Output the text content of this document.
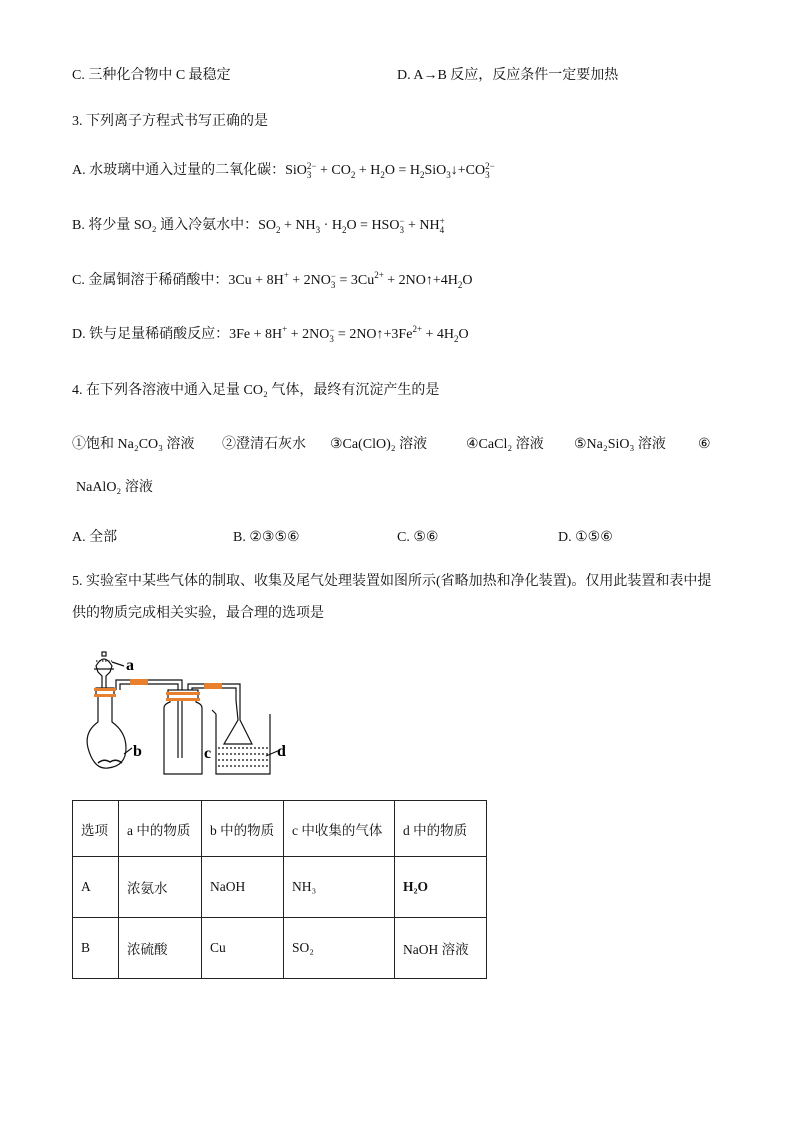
C. 三种化合物中 C 最稳定	D. A→B 反应，反应条件一定要加热
3. 下列离子方程式书写正确的是
A. 水玻璃中通入过量的二氧化碳：SiO 2−
$3 + CO_2 + H_2O$ = $H_2SiO_3↓+CO$ 2−
3
B. 将少量 SO₂ 通入冷氨水中：$SO_2 + NH_3 \cdot H_2O$ = HSO −
3 + NH +
4
C. 金属铜溶于稀硝酸中：3Cu + 8H+ + 2NO −
$3 = 3Cu^{2+}$ + $2NO↑+4H_2O$
D. 铁与足量稀硝酸反应：3Fe + 8H+ + 2NO −
$3 = 2NO↑+3Fe^{2+} + 4H_2O$
4. 在下列各溶液中通入足量 CO₂ 气体，最终有沉淀产生的是
①饱和 Na₂CO₃ 溶液 ②澄清石灰水 ③Ca(ClO)₂ 溶液	④CaCl₂ 溶液 ⑤Na₂SiO₃ 溶液 ⑥
NaAlO₂ 溶液
A. 全部	B. ②③⑤⑥	C. ⑤⑥	D. ①⑤⑥
5. 实验室中某些气体的制取、收集及尾气处理装置如图所示(省略加热和净化装置)。仅用此装置和表中提
供的物质完成相关实验，最合理的选项是
a
b	c	d
选项	a 中的物质	b 中的物质	c 中收集的气体	d 中的物质
A	浓氨水	NaOH	NH₃	H₂O
B	浓硫酸	Cu	SO₂	NaOH 溶液
